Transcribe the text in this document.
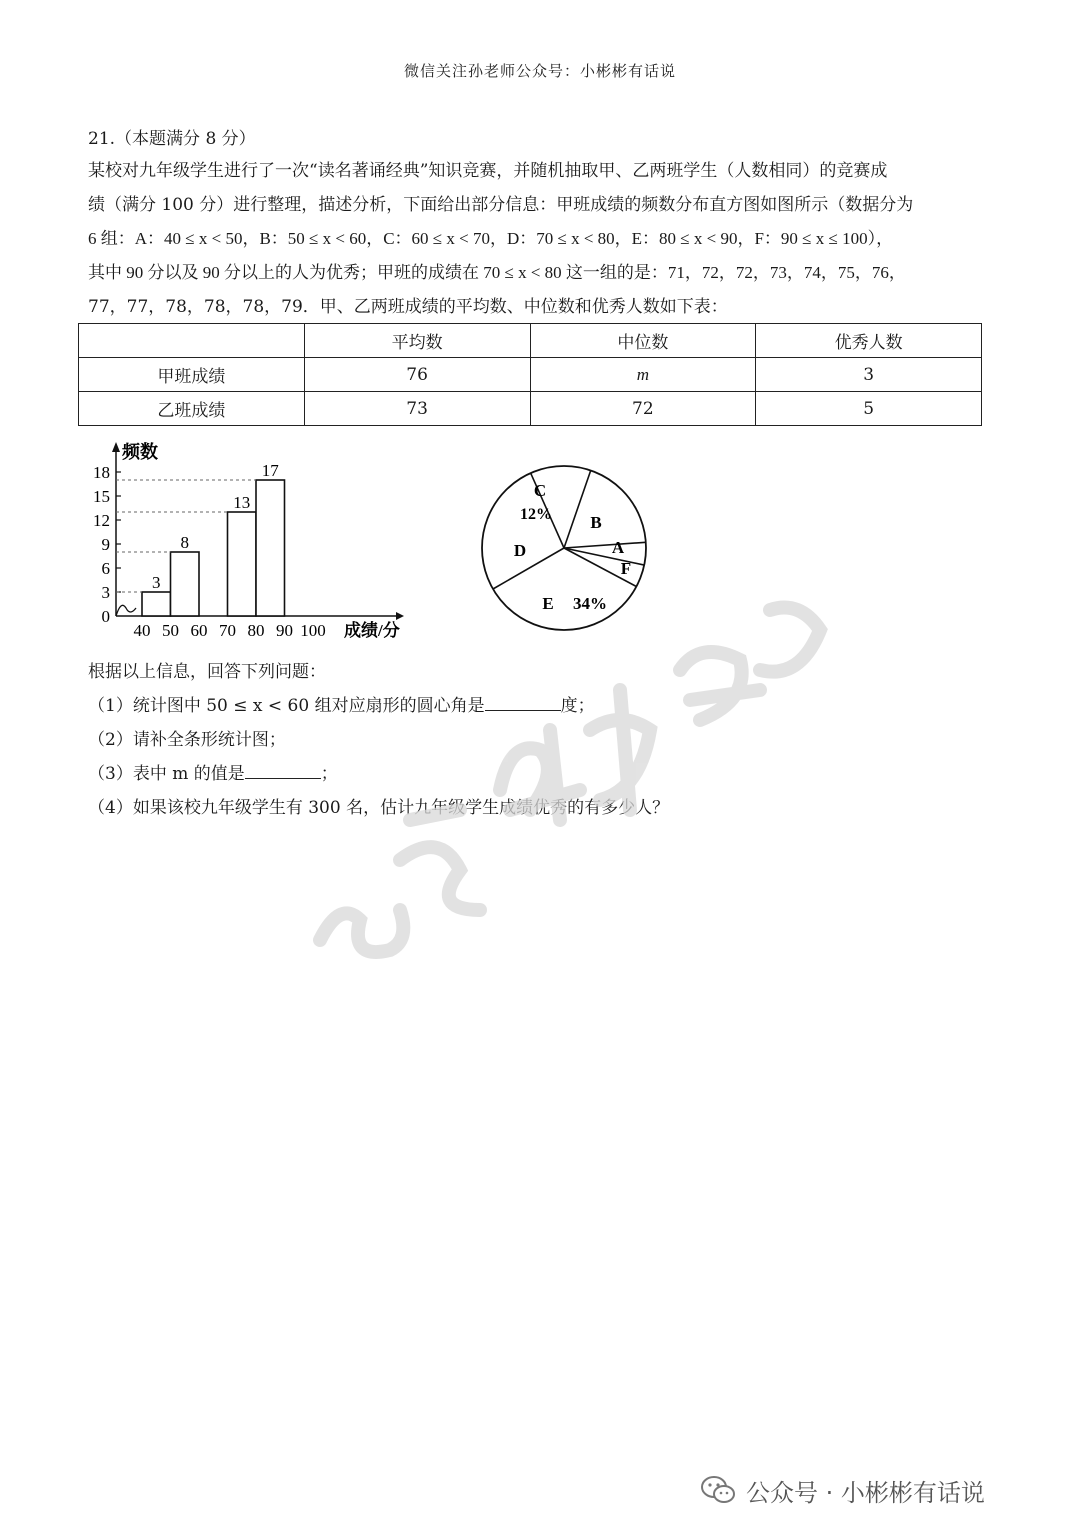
微信关注孙老师公众号：小彬彬有话说
21.（本题满分 8 分）
某校对九年级学生进行了一次“读名著诵经典”知识竞赛，并随机抽取甲、乙两班学生（人数相同）的竞赛成
绩（满分 100 分）进行整理，描述分析，下面给出部分信息：甲班成绩的频数分布直方图如图所示（数据分为
6 组：A：40 ≤ x < 50，B：50 ≤ x < 60，C：60 ≤ x < 70，D：70 ≤ x < 80，E：80 ≤ x < 90，F：90 ≤ x ≤ 100），
其中 90 分以及 90 分以上的人为优秀；甲班的成绩在 70 ≤ x < 80 这一组的是：71，72，72，73，74，75，76，
77，77，78，78，78，79．甲、乙两班成绩的平均数、中位数和优秀人数如下表：
	平均数	中位数	优秀人数
甲班成绩	76	m	3
乙班成绩	73	72	5
0
3
6
9
12
15
18
频数
40 50 60 70 80 90 100 成绩/分
3
8
13
17
C
12% B
A
F
E 34%
D
根据以上信息，回答下列问题：
（1）统计图中 50 ≤ x < 60 组对应扇形的圆心角是	度；
（2）请补全条形统计图；
（3）表中 m 的值是	；
（4）如果该校九年级学生有 300 名，估计九年级学生成绩优秀的有多少人？
公众号 · 小彬彬有话说
